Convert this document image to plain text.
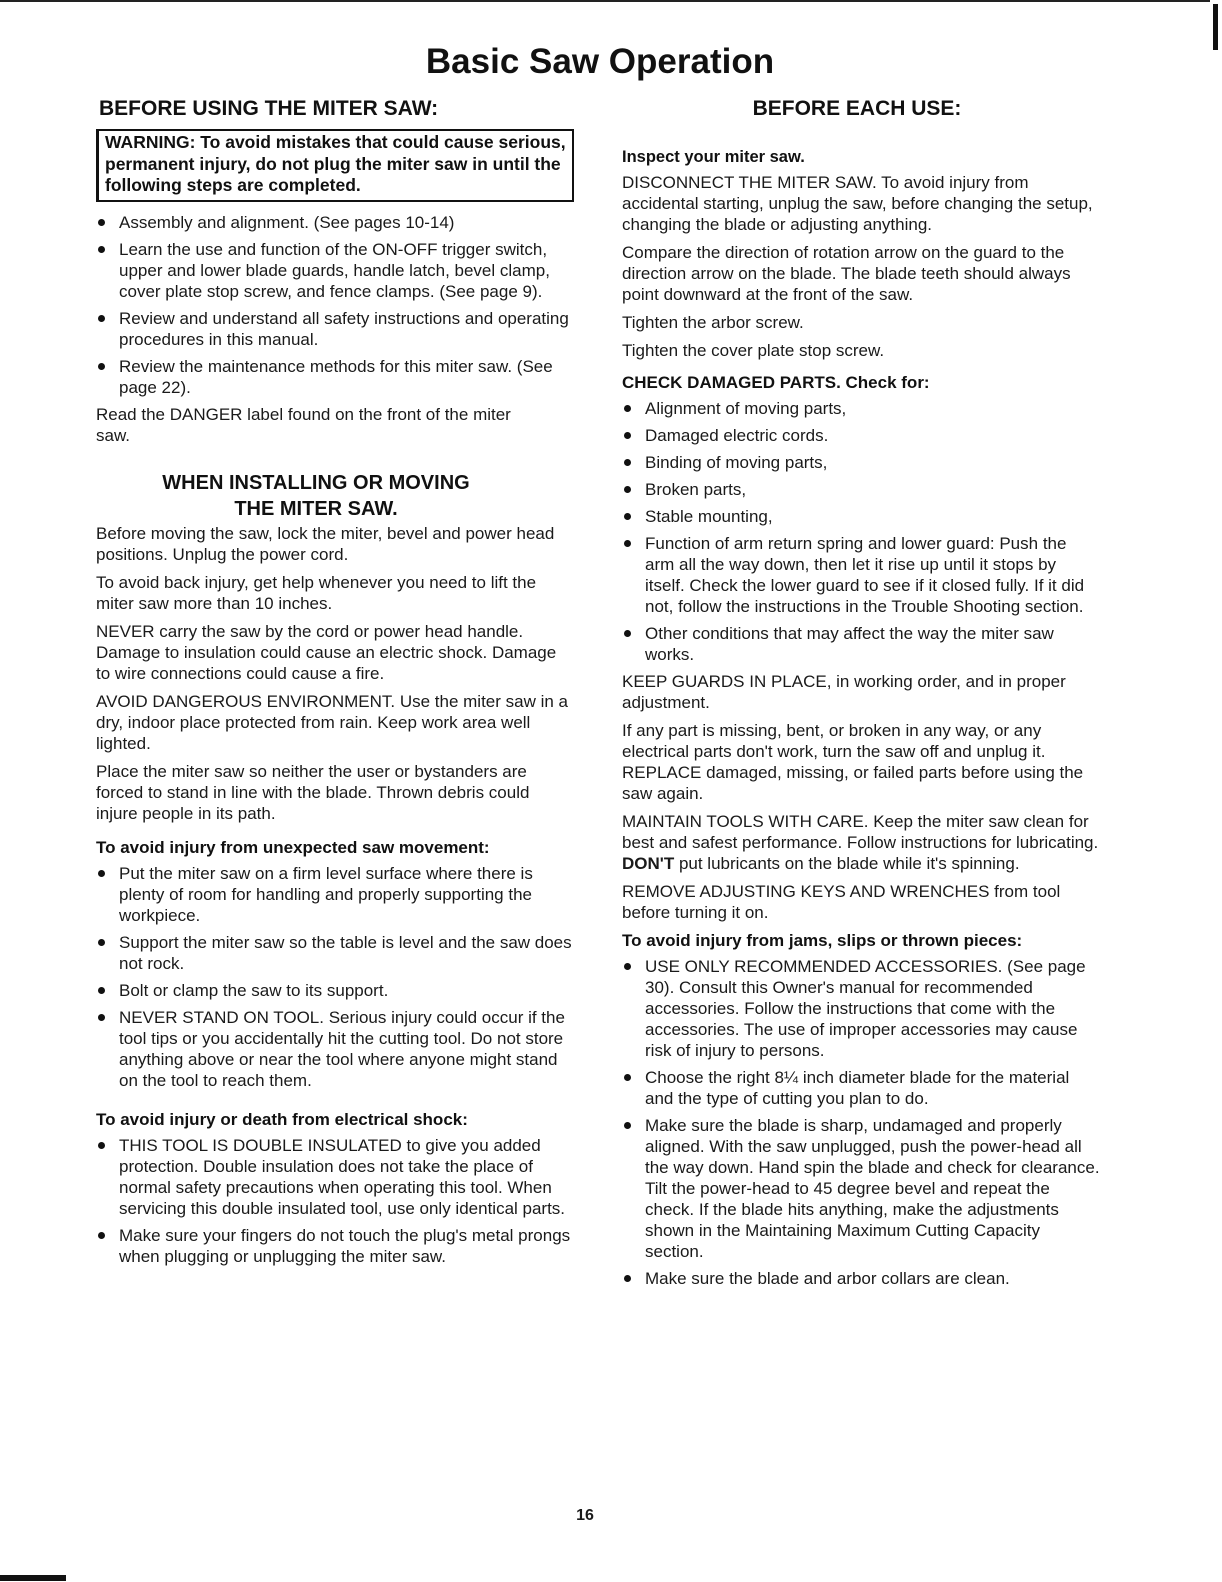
Basic Saw Operation
BEFORE USING THE MITER SAW:
WARNING: To avoid mistakes that could cause serious, permanent injury, do not plug the miter saw in until the following steps are completed.
Assembly and alignment. (See pages 10-14)
Learn the use and function of the ON-OFF trigger switch, upper and lower blade guards, handle latch, bevel clamp, cover plate stop screw, and fence clamps. (See page 9).
Review and understand all safety instructions and operating procedures in this manual.
Review the maintenance methods for this miter saw. (See page 22).

Read the DANGER label found on the front of the miter saw.

WHEN INSTALLING OR MOVING
THE MITER SAW.

Before moving the saw, lock the miter, bevel and power head positions. Unplug the power cord.

To avoid back injury, get help whenever you need to lift the miter saw more than 10 inches.

NEVER carry the saw by the cord or power head handle. Damage to insulation could cause an electric shock. Damage to wire connections could cause a fire.

AVOID DANGEROUS ENVIRONMENT. Use the miter saw in a dry, indoor place protected from rain. Keep work area well lighted.

Place the miter saw so neither the user or bystanders are forced to stand in line with the blade. Thrown debris could injure people in its path.

To avoid injury from unexpected saw movement:
Put the miter saw on a firm level surface where there is plenty of room for handling and properly supporting the workpiece.
Support the miter saw so the table is level and the saw does not rock.
Bolt or clamp the saw to its support.
NEVER STAND ON TOOL. Serious injury could occur if the tool tips or you accidentally hit the cutting tool. Do not store anything above or near the tool where anyone might stand on the tool to reach them.
To avoid injury or death from electrical shock:
THIS TOOL IS DOUBLE INSULATED to give you added protection. Double insulation does not take the place of normal safety precautions when operating this tool. When servicing this double insulated tool, use only identical parts.
Make sure your fingers do not touch the plug's metal prongs when plugging or unplugging the miter saw.
BEFORE EACH USE:
Inspect your miter saw.

DISCONNECT THE MITER SAW. To avoid injury from accidental starting, unplug the saw, before changing the setup, changing the blade or adjusting anything.

Compare the direction of rotation arrow on the guard to the direction arrow on the blade. The blade teeth should always point downward at the front of the saw.

Tighten the arbor screw.

Tighten the cover plate stop screw.

CHECK DAMAGED PARTS. Check for:
Alignment of moving parts,
Damaged electric cords.
Binding of moving parts,
Broken parts,
Stable mounting,
Function of arm return spring and lower guard: Push the arm all the way down, then let it rise up until it stops by itself. Check the lower guard to see if it closed fully. If it did not, follow the instructions in the Trouble Shooting section.
Other conditions that may affect the way the miter saw works.

KEEP GUARDS IN PLACE, in working order, and in proper adjustment.

If any part is missing, bent, or broken in any way, or any electrical parts don't work, turn the saw off and unplug it. REPLACE damaged, missing, or failed parts before using the saw again.

MAINTAIN TOOLS WITH CARE. Keep the miter saw clean for best and safest performance. Follow instructions for lubricating. DON'T put lubricants on the blade while it's spinning.

REMOVE ADJUSTING KEYS AND WRENCHES from tool before turning it on.

To avoid injury from jams, slips or thrown pieces:
USE ONLY RECOMMENDED ACCESSORIES. (See page 30). Consult this Owner's manual for recommended accessories. Follow the instructions that come with the accessories. The use of improper accessories may cause risk of injury to persons.
Choose the right 8¼ inch diameter blade for the material and the type of cutting you plan to do.
Make sure the blade is sharp, undamaged and properly aligned. With the saw unplugged, push the power-head all the way down. Hand spin the blade and check for clearance. Tilt the power-head to 45 degree bevel and repeat the check. If the blade hits anything, make the adjustments shown in the Maintaining Maximum Cutting Capacity section.
Make sure the blade and arbor collars are clean.
16
